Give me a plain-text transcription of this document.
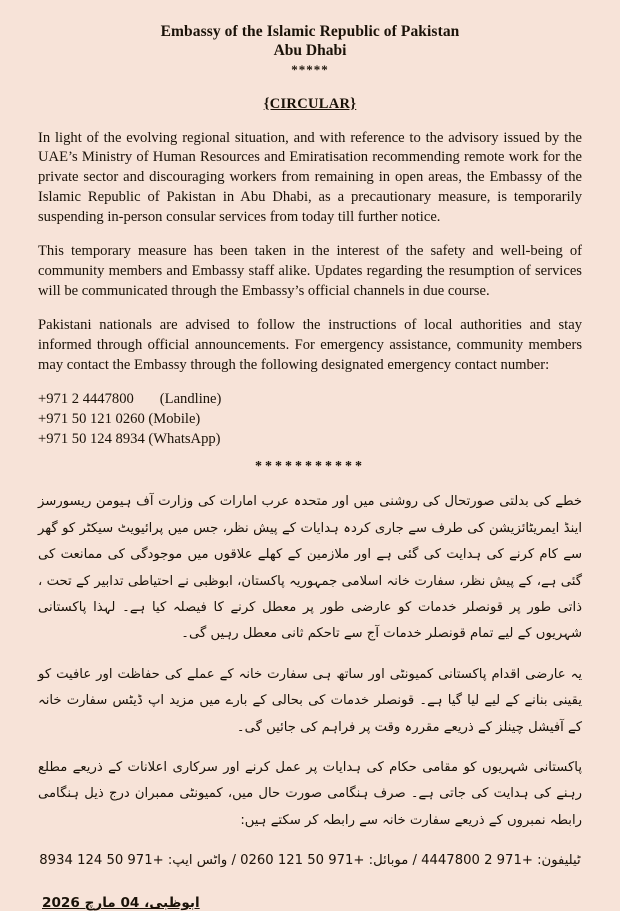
Embassy of the Islamic Republic of Pakistan
Abu Dhabi
*****
{CIRCULAR}

In light of the evolving regional situation, and with reference to the advisory issued by the UAE’s Ministry of Human Resources and Emiratisation recommending remote work for the private sector and discouraging workers from remaining in open areas, the Embassy of the Islamic Republic of Pakistan in Abu Dhabi, as a precautionary measure, is temporarily suspending in-person consular services from today till further notice.

This temporary measure has been taken in the interest of the safety and well-being of community members and Embassy staff alike. Updates regarding the resumption of services will be communicated through the Embassy’s official channels in due course.

Pakistani nationals are advised to follow the instructions of local authorities and stay informed through official announcements. For emergency assistance, community members may contact the Embassy through the following designated emergency contact number:

+971 2 4447800 (Landline)
+971 50 121 0260 (Mobile)
+971 50 124 8934 (WhatsApp)
***********

خطے کی بدلتی صورتحال کی روشنی میں اور متحدہ عرب امارات کی وزارت آف ہیومن ریسورسز اینڈ ایمریٹائزیشن کی طرف سے جاری کردہ ہدایات کے پیش نظر، جس میں پرائیویٹ سیکٹر کو گھر سے کام کرنے کی ہدایت کی گئی ہے اور ملازمین کے کھلے علاقوں میں موجودگی کی ممانعت کی گئی ہے، کے پیش نظر، سفارت خانہ اسلامی جمہوریہ پاکستان، ابوظبی نے احتیاطی تدابیر کے تحت ، ذاتی طور پر قونصلر خدمات کو عارضی طور پر معطل کرنے کا فیصلہ کیا ہے۔ لہذا پاکستانی شہریوں کے لیے تمام قونصلر خدمات آج سے تاحکم ثانی معطل رہیں گی۔

یہ عارضی اقدام پاکستانی کمیونٹی اور ساتھ ہی سفارت خانہ کے عملے کی حفاظت اور عافیت کو یقینی بنانے کے لیے لیا گیا ہے۔ قونصلر خدمات کی بحالی کے بارے میں مزید اپ ڈیٹس سفارت خانہ کے آفیشل چینلز کے ذریعے مقررہ وقت پر فراہم کی جائیں گی۔

پاکستانی شہریوں کو مقامی حکام کی ہدایات پر عمل کرنے اور سرکاری اعلانات کے ذریعے مطلع رہنے کی ہدایت کی جاتی ہے۔ صرف ہنگامی صورت حال میں، کمیونٹی ممبران درج ذیل ہنگامی رابطہ نمبروں کے ذریعے سفارت خانہ سے رابطہ کر سکتے ہیں:

ٹیلیفون: +971 2 4447800 / موبائل: +971 50 121 0260 / واٹس ایپ: +971 50 124 8934
ابوظبی، 04 مارچ 2026
